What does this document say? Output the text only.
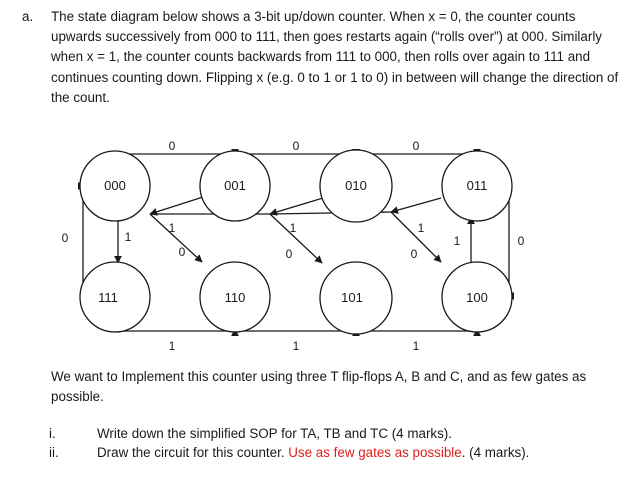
a. The state diagram below shows a 3-bit up/down counter. When x = 0, the counter counts upwards successively from 000 to 111, then goes restarts again (“rolls over”) at 000. Similarly when x = 1, the counter counts backwards from 111 to 000, then rolls over again to 111 and continues counting down. Flipping x (e.g. 0 to 1 or 1 to 0) in between will change the direction of the count.
000	001	010	011
111	110	101	100
0	0	0
1	1	1
1	1	1
0	0	0
0	1	1	0
We want to Implement this counter using three T flip-flops A, B and C, and as few gates as possible.
i.	Write down the simplified SOP for TA, TB and TC (4 marks).
ii.	Draw the circuit for this counter. Use as few gates as possible. (4 marks).
